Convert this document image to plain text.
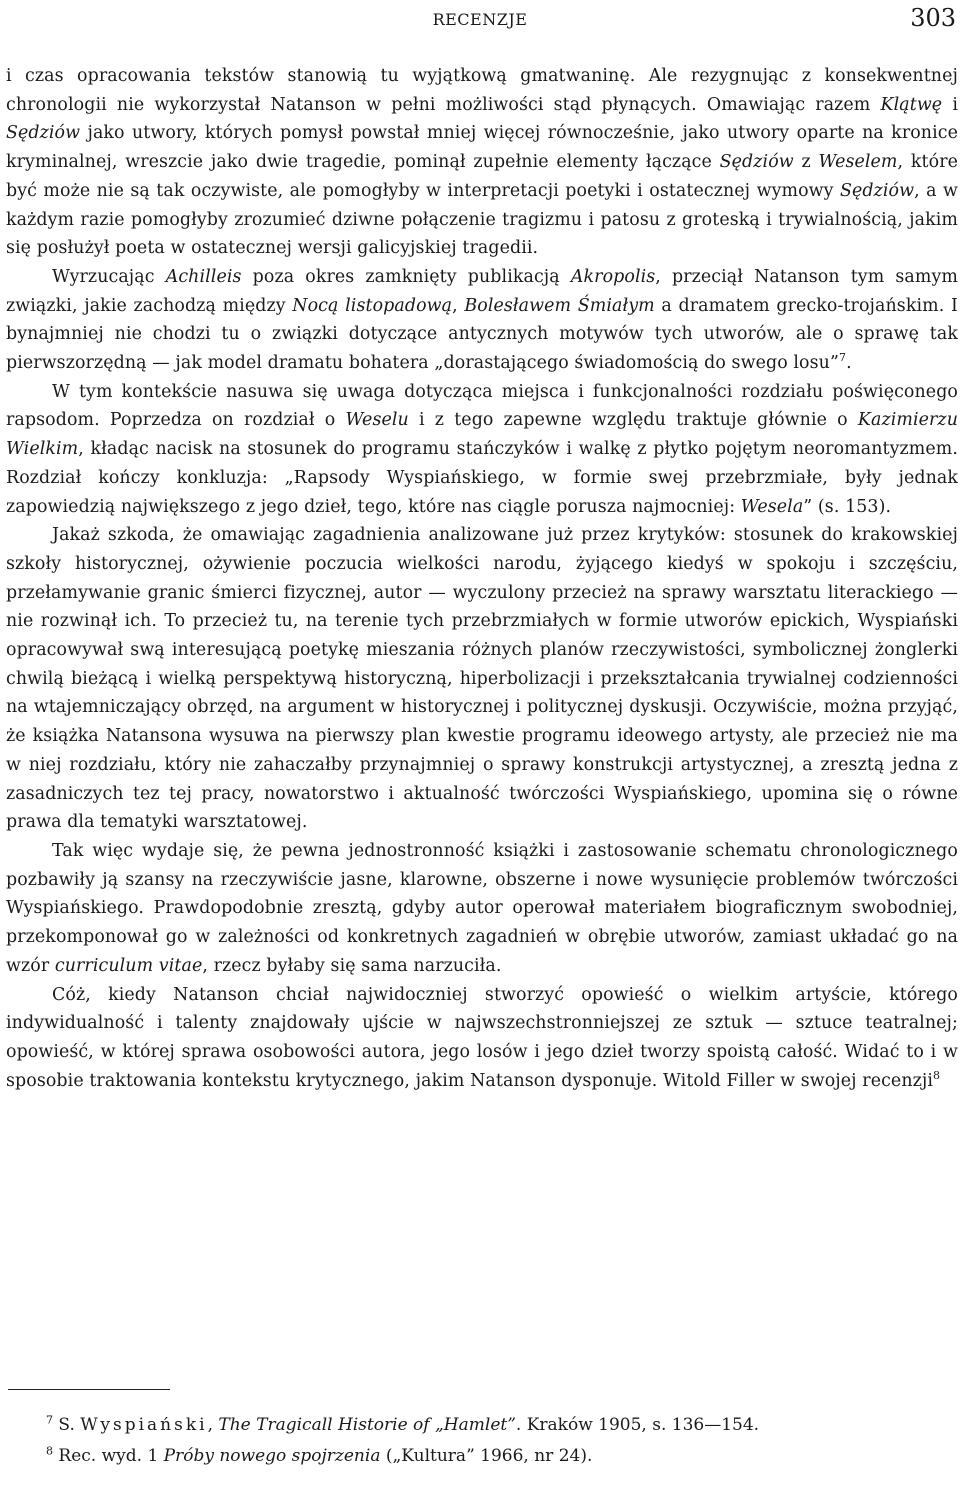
RECENZJE	303

i czas opracowania tekstów stanowią tu wyjątkową gmatwaninę. Ale rezygnując z konsekwentnej chronologii nie wykorzystał Natanson w pełni możliwości stąd płynących. Omawiając razem Klątwę i Sędziów jako utwory, których pomysł powstał mniej więcej równocześnie, jako utwory oparte na kronice kryminalnej, wreszcie jako dwie tragedie, pominął zupełnie elementy łączące Sędziów z Weselem, które być może nie są tak oczywiste, ale pomogłyby w interpretacji poetyki i ostatecznej wymowy Sędziów, a w każdym razie pomogłyby zrozumieć dziwne połączenie tragizmu i patosu z groteską i trywialnością, jakim się posłużył poeta w ostatecznej wersji galicyjskiej tragedii.

Wyrzucając Achilleis poza okres zamknięty publikacją Akropolis, przeciął Natanson tym samym związki, jakie zachodzą między Nocą listopadową, Bolesławem Śmiałym a dramatem grecko-trojańskim. I bynajmniej nie chodzi tu o związki dotyczące antycznych motywów tych utworów, ale o sprawę tak pierwszorzędną — jak model dramatu bohatera „dorastającego świadomością do swego losu”$^7$.

W tym kontekście nasuwa się uwaga dotycząca miejsca i funkcjonalności rozdziału poświęconego rapsodom. Poprzedza on rozdział o Weselu i z tego zapewne względu traktuje głównie o Kazimierzu Wielkim, kładąc nacisk na stosunek do programu stańczyków i walkę z płytko pojętym neoromantyzmem. Rozdział kończy konkluzja: „Rapsody Wyspiańskiego, w formie swej przebrzmiałe, były jednak zapowiedzią największego z jego dzieł, tego, które nas ciągle porusza najmocniej: Wesela” (s. 153).

Jakaż szkoda, że omawiając zagadnienia analizowane już przez krytyków: stosunek do krakowskiej szkoły historycznej, ożywienie poczucia wielkości narodu, żyjącego kiedyś w spokoju i szczęściu, przełamywanie granic śmierci fizycznej, autor — wyczulony przecież na sprawy warsztatu literackiego — nie rozwinął ich. To przecież tu, na terenie tych przebrzmiałych w formie utworów epickich, Wyspiański opracowywał swą interesującą poetykę mieszania różnych planów rzeczywistości, symbolicznej żonglerki chwilą bieżącą i wielką perspektywą historyczną, hiperbolizacji i przekształcania trywialnej codzienności na wtajemniczający obrzęd, na argument w historycznej i politycznej dyskusji. Oczywiście, można przyjąć, że książka Natansona wysuwa na pierwszy plan kwestie programu ideowego artysty, ale przecież nie ma w niej rozdziału, który nie zahaczałby przynajmniej o sprawy konstrukcji artystycznej, a zresztą jedna z zasadniczych tez tej pracy, nowatorstwo i aktualność twórczości Wyspiańskiego, upomina się o równe prawa dla tematyki warsztatowej.

Tak więc wydaje się, że pewna jednostronność książki i zastosowanie schematu chronologicznego pozbawiły ją szansy na rzeczywiście jasne, klarowne, obszerne i nowe wysunięcie problemów twórczości Wyspiańskiego. Prawdopodobnie zresztą, gdyby autor operował materiałem biograficznym swobodniej, przekomponował go w zależności od konkretnych zagadnień w obrębie utworów, zamiast układać go na wzór curriculum vitae, rzecz byłaby się sama narzuciła.

Cóż, kiedy Natanson chciał najwidoczniej stworzyć opowieść o wielkim artyście, którego indywidualność i talenty znajdowały ujście w najwszechstronniejszej ze sztuk — sztuce teatralnej; opowieść, w której sprawa osobowości autora, jego losów i jego dzieł tworzy spoistą całość. Widać to i w sposobie traktowania kontekstu krytycznego, jakim Natanson dysponuje. Witold Filler w swojej recenzji$^8$

$^7$ S. Wyspiański, The Tragicall Historie of „Hamlet”. Kraków 1905, s. 136—154.

$^8$ Rec. wyd. 1 Próby nowego spojrzenia („Kultura” 1966, nr 24).
